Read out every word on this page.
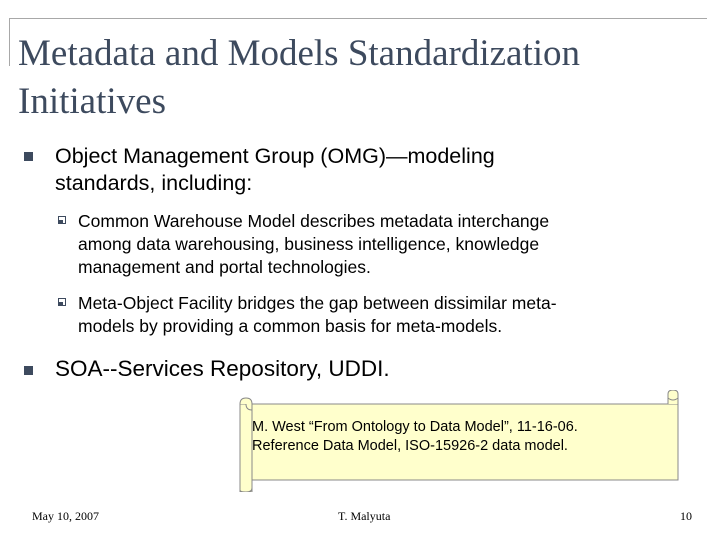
Metadata and Models Standardization
Initiatives
Object Management Group (OMG)—modeling
standards, including:
Common Warehouse Model describes metadata interchange
among data warehousing, business intelligence, knowledge
management and portal technologies.
Meta-Object Facility bridges the gap between dissimilar meta-
models by providing a common basis for meta-models.
SOA--Services Repository, UDDI.
M. West “From Ontology to Data Model”, 11-16-06.
Reference Data Model, ISO-15926-2 data model.
May 10, 2007	T. Malyuta	10
